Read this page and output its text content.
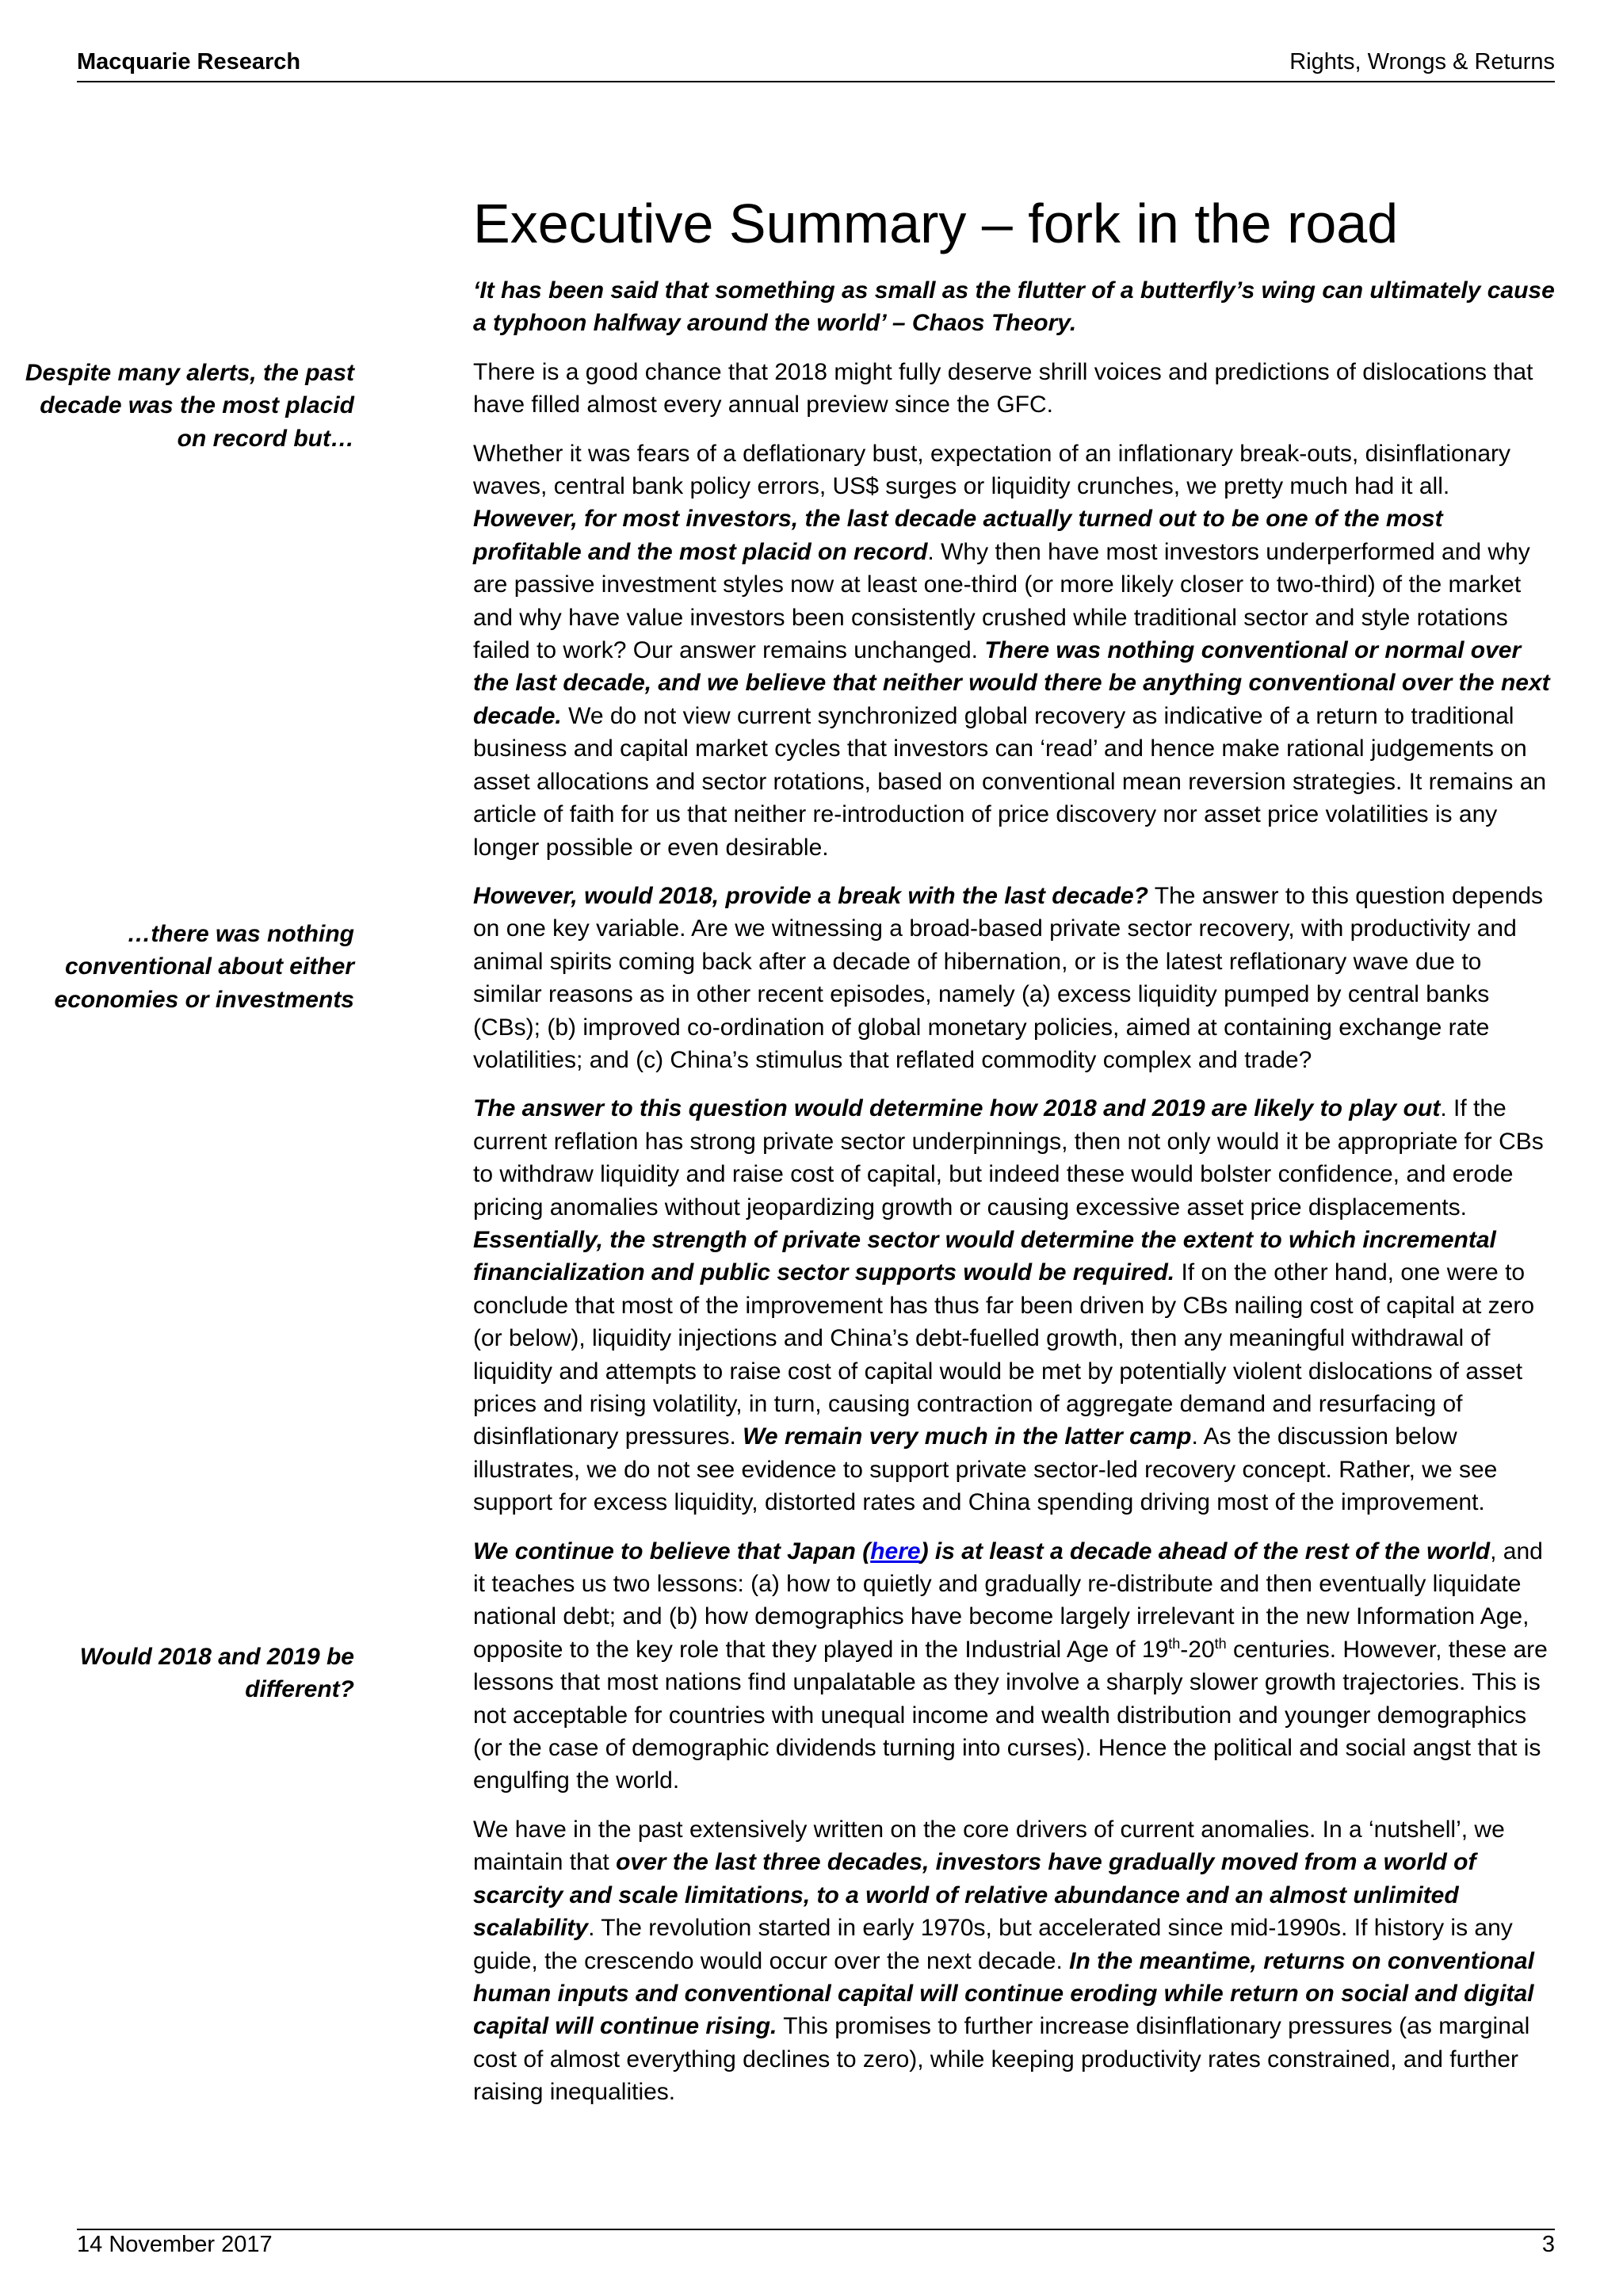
Macquarie Research	Rights, Wrongs & Returns
Executive Summary – fork in the road
Despite many alerts, the past decade was the most placid on record but…
…there was nothing conventional about either economies or investments
Would 2018 and 2019 be different?

‘It has been said that something as small as the flutter of a butterfly’s wing can ultimately cause a typhoon halfway around the world’ – Chaos Theory.

There is a good chance that 2018 might fully deserve shrill voices and predictions of dislocations that have filled almost every annual preview since the GFC.

Whether it was fears of a deflationary bust, expectation of an inflationary break-outs, disinflationary waves, central bank policy errors, US$ surges or liquidity crunches, we pretty much had it all. However, for most investors, the last decade actually turned out to be one of the most profitable and the most placid on record. Why then have most investors underperformed and why are passive investment styles now at least one-third (or more likely closer to two-third) of the market and why have value investors been consistently crushed while traditional sector and style rotations failed to work? Our answer remains unchanged. There was nothing conventional or normal over the last decade, and we believe that neither would there be anything conventional over the next decade. We do not view current synchronized global recovery as indicative of a return to traditional business and capital market cycles that investors can ‘read’ and hence make rational judgements on asset allocations and sector rotations, based on conventional mean reversion strategies. It remains an article of faith for us that neither re-introduction of price discovery nor asset price volatilities is any longer possible or even desirable.

However, would 2018, provide a break with the last decade? The answer to this question depends on one key variable. Are we witnessing a broad-based private sector recovery, with productivity and animal spirits coming back after a decade of hibernation, or is the latest reflationary wave due to similar reasons as in other recent episodes, namely (a) excess liquidity pumped by central banks (CBs); (b) improved co-ordination of global monetary policies, aimed at containing exchange rate volatilities; and (c) China’s stimulus that reflated commodity complex and trade?

The answer to this question would determine how 2018 and 2019 are likely to play out. If the current reflation has strong private sector underpinnings, then not only would it be appropriate for CBs to withdraw liquidity and raise cost of capital, but indeed these would bolster confidence, and erode pricing anomalies without jeopardizing growth or causing excessive asset price displacements. Essentially, the strength of private sector would determine the extent to which incremental financialization and public sector supports would be required. If on the other hand, one were to conclude that most of the improvement has thus far been driven by CBs nailing cost of capital at zero (or below), liquidity injections and China’s debt-fuelled growth, then any meaningful withdrawal of liquidity and attempts to raise cost of capital would be met by potentially violent dislocations of asset prices and rising volatility, in turn, causing contraction of aggregate demand and resurfacing of disinflationary pressures. We remain very much in the latter camp. As the discussion below illustrates, we do not see evidence to support private sector-led recovery concept. Rather, we see support for excess liquidity, distorted rates and China spending driving most of the improvement.

We continue to believe that Japan (here) is at least a decade ahead of the rest of the world, and it teaches us two lessons: (a) how to quietly and gradually re-distribute and then eventually liquidate national debt; and (b) how demographics have become largely irrelevant in the new Information Age, opposite to the key role that they played in the Industrial Age of 19th-20th centuries. However, these are lessons that most nations find unpalatable as they involve a sharply slower growth trajectories. This is not acceptable for countries with unequal income and wealth distribution and younger demographics (or the case of demographic dividends turning into curses). Hence the political and social angst that is engulfing the world.

We have in the past extensively written on the core drivers of current anomalies. In a ‘nutshell’, we maintain that over the last three decades, investors have gradually moved from a world of scarcity and scale limitations, to a world of relative abundance and an almost unlimited scalability. The revolution started in early 1970s, but accelerated since mid-1990s. If history is any guide, the crescendo would occur over the next decade. In the meantime, returns on conventional human inputs and conventional capital will continue eroding while return on social and digital capital will continue rising. This promises to further increase disinflationary pressures (as marginal cost of almost everything declines to zero), while keeping productivity rates constrained, and further raising inequalities.

14 November 2017	3
